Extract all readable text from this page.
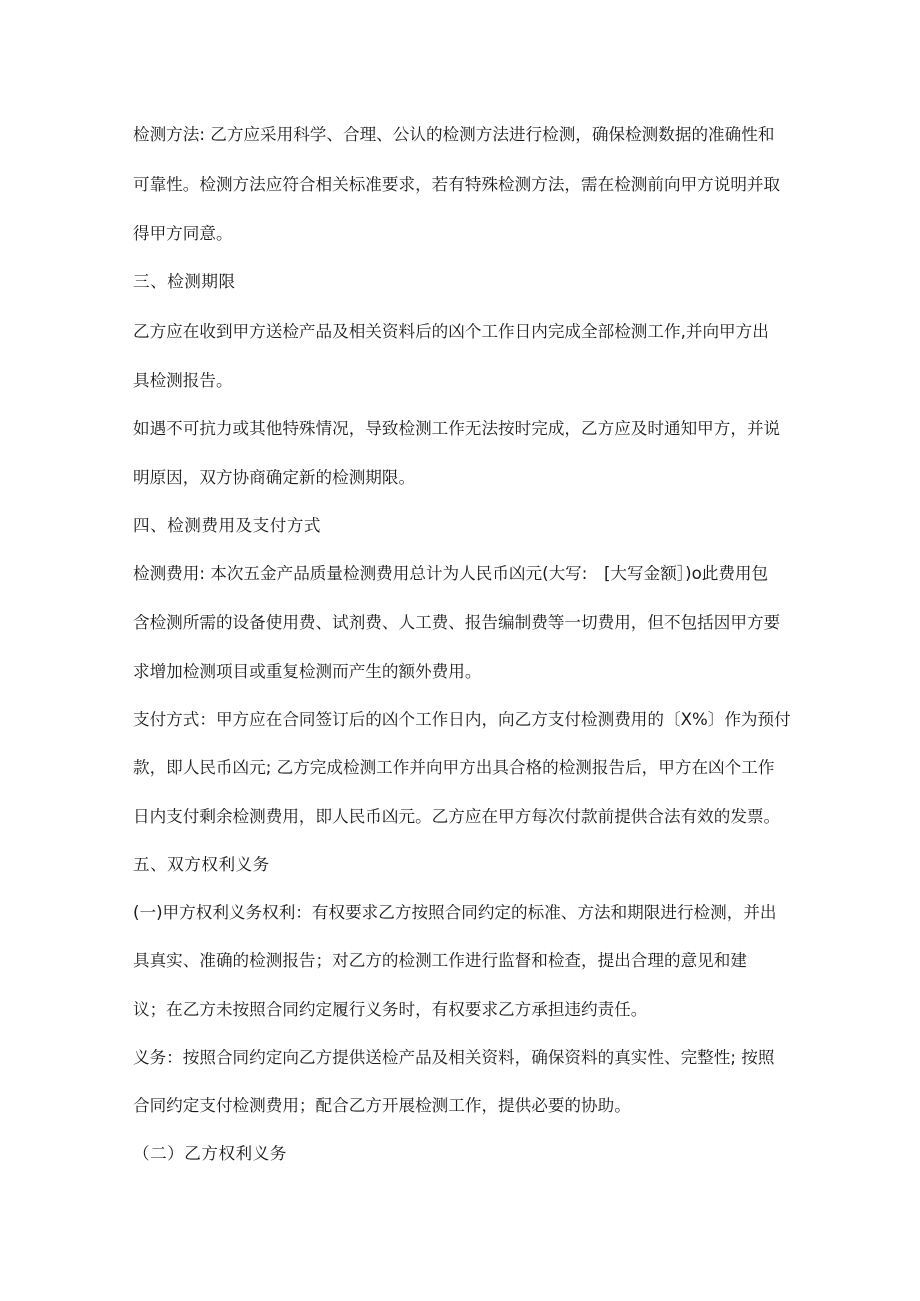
检测方法: 乙方应采用科学、合理、公认的检测方法进行检测，确保检测数据的准确性和
可靠性。检测方法应符合相关标准要求，若有特殊检测方法，需在检测前向甲方说明并取
得甲方同意。
三、检测期限
乙方应在收到甲方送检产品及相关资料后的凶个工作日内完成全部检测工作,并向甲方出
具检测报告。
如遇不可抗力或其他特殊情况，导致检测工作无法按时完成，乙方应及时通知甲方，并说
明原因，双方协商确定新的检测期限。
四、检测费用及支付方式
检测费用: 本次五金产品质量检测费用总计为人民币凶元(大写:　[大写金额］)o此费用包
含检测所需的设备使用费、试剂费、人工费、报告编制费等一切费用，但不包括因甲方要
求增加检测项目或重复检测而产生的额外费用。
支付方式：甲方应在合同签订后的凶个工作日内，向乙方支付检测费用的〔X%〕作为预付
款，即人民币凶元; 乙方完成检测工作并向甲方出具合格的检测报告后，甲方在凶个工作
日内支付剩余检测费用，即人民币凶元。乙方应在甲方每次付款前提供合法有效的发票。
五、双方权利义务
(一)甲方权利义务权利：有权要求乙方按照合同约定的标准、方法和期限进行检测，并出
具真实、准确的检测报告；对乙方的检测工作进行监督和检查，提出合理的意见和建
议；在乙方未按照合同约定履行义务时，有权要求乙方承担违约责任。
义务：按照合同约定向乙方提供送检产品及相关资料，确保资料的真实性、完整性; 按照
合同约定支付检测费用；配合乙方开展检测工作，提供必要的协助。
（二）乙方权利义务
